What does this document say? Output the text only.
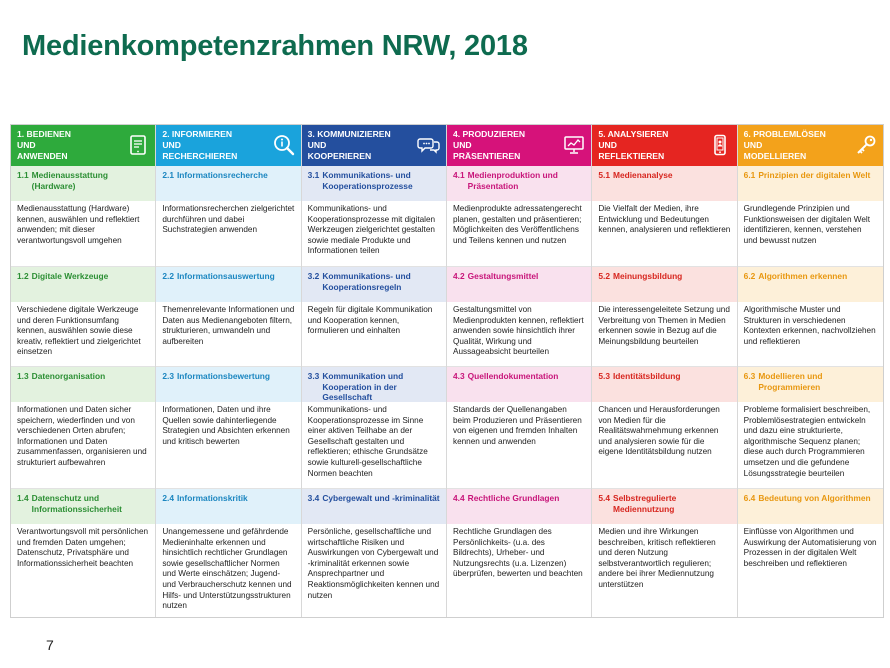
Medienkompetenzrahmen NRW, 2018
1. BEDIENEN
UND
ANWENDEN
1.1 Medienausstattung (Hardware)
Medienausstattung (Hardware) kennen, auswählen und reflektiert anwenden; mit dieser verantwortungsvoll umgehen
1.2 Digitale Werkzeuge
Verschiedene digitale Werkzeuge und deren Funktionsumfang kennen, auswählen sowie diese kreativ, reflektiert und zielgerichtet einsetzen
1.3 Datenorganisation
Informationen und Daten sicher speichern, wiederfinden und von verschiedenen Orten abrufen; Informationen und Daten zusammenfassen, organisieren und strukturiert aufbewahren
1.4 Datenschutz und Informationssicherheit
Verantwortungsvoll mit persönlichen und fremden Daten umgehen; Datenschutz, Privatsphäre und Informationssicherheit beachten
2. INFORMIEREN
UND
RECHERCHIEREN
2.1 Informationsrecherche
Informationsrecherchen zielgerichtet durchführen und dabei Suchstrategien anwenden
2.2 Informationsauswertung
Themenrelevante Informationen und Daten aus Medienangeboten filtern, strukturieren, umwandeln und aufbereiten
2.3 Informationsbewertung
Informationen, Daten und ihre Quellen sowie dahinterliegende Strategien und Absichten erkennen und kritisch bewerten
2.4 Informationskritik
Unangemessene und gefährdende Medieninhalte erkennen und hinsichtlich rechtlicher Grundlagen sowie gesellschaftlicher Normen und Werte einschätzen; Jugend- und Verbraucherschutz kennen und Hilfs- und Unterstützungsstrukturen nutzen
3. KOMMUNIZIEREN
UND
KOOPERIEREN
3.1 Kommunikations- und Kooperationsprozesse
Kommunikations- und Kooperationsprozesse mit digitalen Werkzeugen zielgerichtet gestalten sowie mediale Produkte und Informationen teilen
3.2 Kommunikations- und Kooperationsregeln
Regeln für digitale Kommunikation und Kooperation kennen, formulieren und einhalten
3.3 Kommunikation und Kooperation in der Gesellschaft
Kommunikations- und Kooperationsprozesse im Sinne einer aktiven Teilhabe an der Gesellschaft gestalten und reflektieren; ethische Grundsätze sowie kulturell-gesellschaftliche Normen beachten
3.4 Cybergewalt und -kriminalität
Persönliche, gesellschaftliche und wirtschaftliche Risiken und Auswirkungen von Cybergewalt und -kriminalität erkennen sowie Ansprechpartner und Reaktionsmöglichkeiten kennen und nutzen
4. PRODUZIEREN
UND
PRÄSENTIEREN
4.1 Medienproduktion und Präsentation
Medienprodukte adressatengerecht planen, gestalten und präsentieren; Möglichkeiten des Veröffentlichens und Teilens kennen und nutzen
4.2 Gestaltungsmittel
Gestaltungsmittel von Medienprodukten kennen, reflektiert anwenden sowie hinsichtlich ihrer Qualität, Wirkung und Aussageabsicht beurteilen
4.3 Quellendokumentation
Standards der Quellenangaben beim Produzieren und Präsentieren von eigenen und fremden Inhalten kennen und anwenden
4.4 Rechtliche Grundlagen
Rechtliche Grundlagen des Persönlichkeits- (u.a. des Bildrechts), Urheber- und Nutzungsrechts (u.a. Lizenzen) überprüfen, bewerten und beachten
5. ANALYSIEREN
UND
REFLEKTIEREN
5.1 Medienanalyse
Die Vielfalt der Medien, ihre Entwicklung und Bedeutungen kennen, analysieren und reflektieren
5.2 Meinungsbildung
Die interessengeleitete Setzung und Verbreitung von Themen in Medien erkennen sowie in Bezug auf die Meinungsbildung beurteilen
5.3 Identitätsbildung
Chancen und Herausforderungen von Medien für die Realitätswahrnehmung erkennen und analysieren sowie für die eigene Identitätsbildung nutzen
5.4 Selbstregulierte Mediennutzung
Medien und ihre Wirkungen beschreiben, kritisch reflektieren und deren Nutzung selbstverantwortlich regulieren; andere bei ihrer Mediennutzung unterstützen
6. PROBLEMLÖSEN
UND
MODELLIEREN
6.1 Prinzipien der digitalen Welt
Grundlegende Prinzipien und Funktionsweisen der digitalen Welt identifizieren, kennen, verstehen und bewusst nutzen
6.2 Algorithmen erkennen
Algorithmische Muster und Strukturen in verschiedenen Kontexten erkennen, nachvollziehen und reflektieren
6.3 Modellieren und Programmieren
Probleme formalisiert beschreiben, Problemlösestrategien entwickeln und dazu eine strukturierte, algorithmische Sequenz planen; diese auch durch Programmieren umsetzen und die gefundene Lösungsstrategie beurteilen
6.4 Bedeutung von Algorithmen
Einflüsse von Algorithmen und Auswirkung der Automatisierung von Prozessen in der digitalen Welt beschreiben und reflektieren
7
